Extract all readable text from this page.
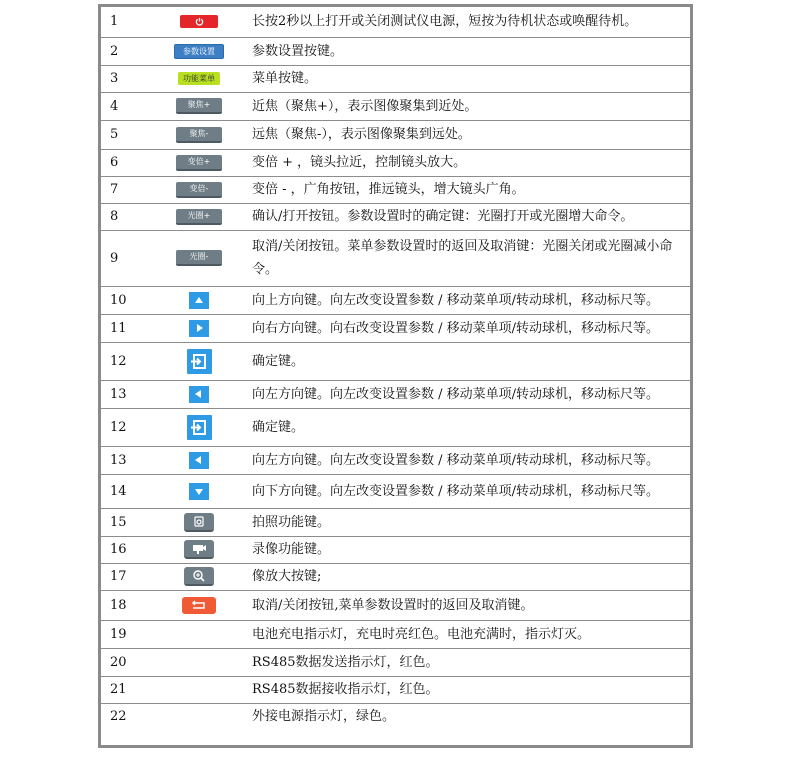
1		长按2秒以上打开或关闭测试仪电源，短按为待机状态或唤醒待机。
2	参数设置	参数设置按键。
3	功能菜单	菜单按键。
4	聚焦+	近焦（聚焦+），表示图像聚集到近处。
5	聚焦-	远焦（聚焦-），表示图像聚集到远处。
6	变倍+	变倍 + ，镜头拉近，控制镜头放大。
7	变倍-	变倍 - ，广角按钮，推远镜头，增大镜头广角。
8	光圈+	确认/打开按钮。参数设置时的确定键：光圈打开或光圈增大命令。
9	光圈-	取消/关闭按钮。菜单参数设置时的返回及取消键：光圈关闭或光圈减小命令。
10		向上方向键。向左改变设置参数 / 移动菜单项/转动球机，移动标尺等。
11		向右方向键。向右改变设置参数 / 移动菜单项/转动球机，移动标尺等。
12		确定键。
13		向左方向键。向左改变设置参数 / 移动菜单项/转动球机，移动标尺等。
12		确定键。
13		向左方向键。向左改变设置参数 / 移动菜单项/转动球机，移动标尺等。
14		向下方向键。向左改变设置参数 / 移动菜单项/转动球机，移动标尺等。
15		拍照功能键。
16		录像功能键。
17		像放大按键;
18		取消/关闭按钮,菜单参数设置时的返回及取消键。
19		电池充电指示灯，充电时亮红色。电池充满时，指示灯灭。
20		RS485数据发送指示灯，红色。
21		RS485数据接收指示灯，红色。
22		外接电源指示灯，绿色。
